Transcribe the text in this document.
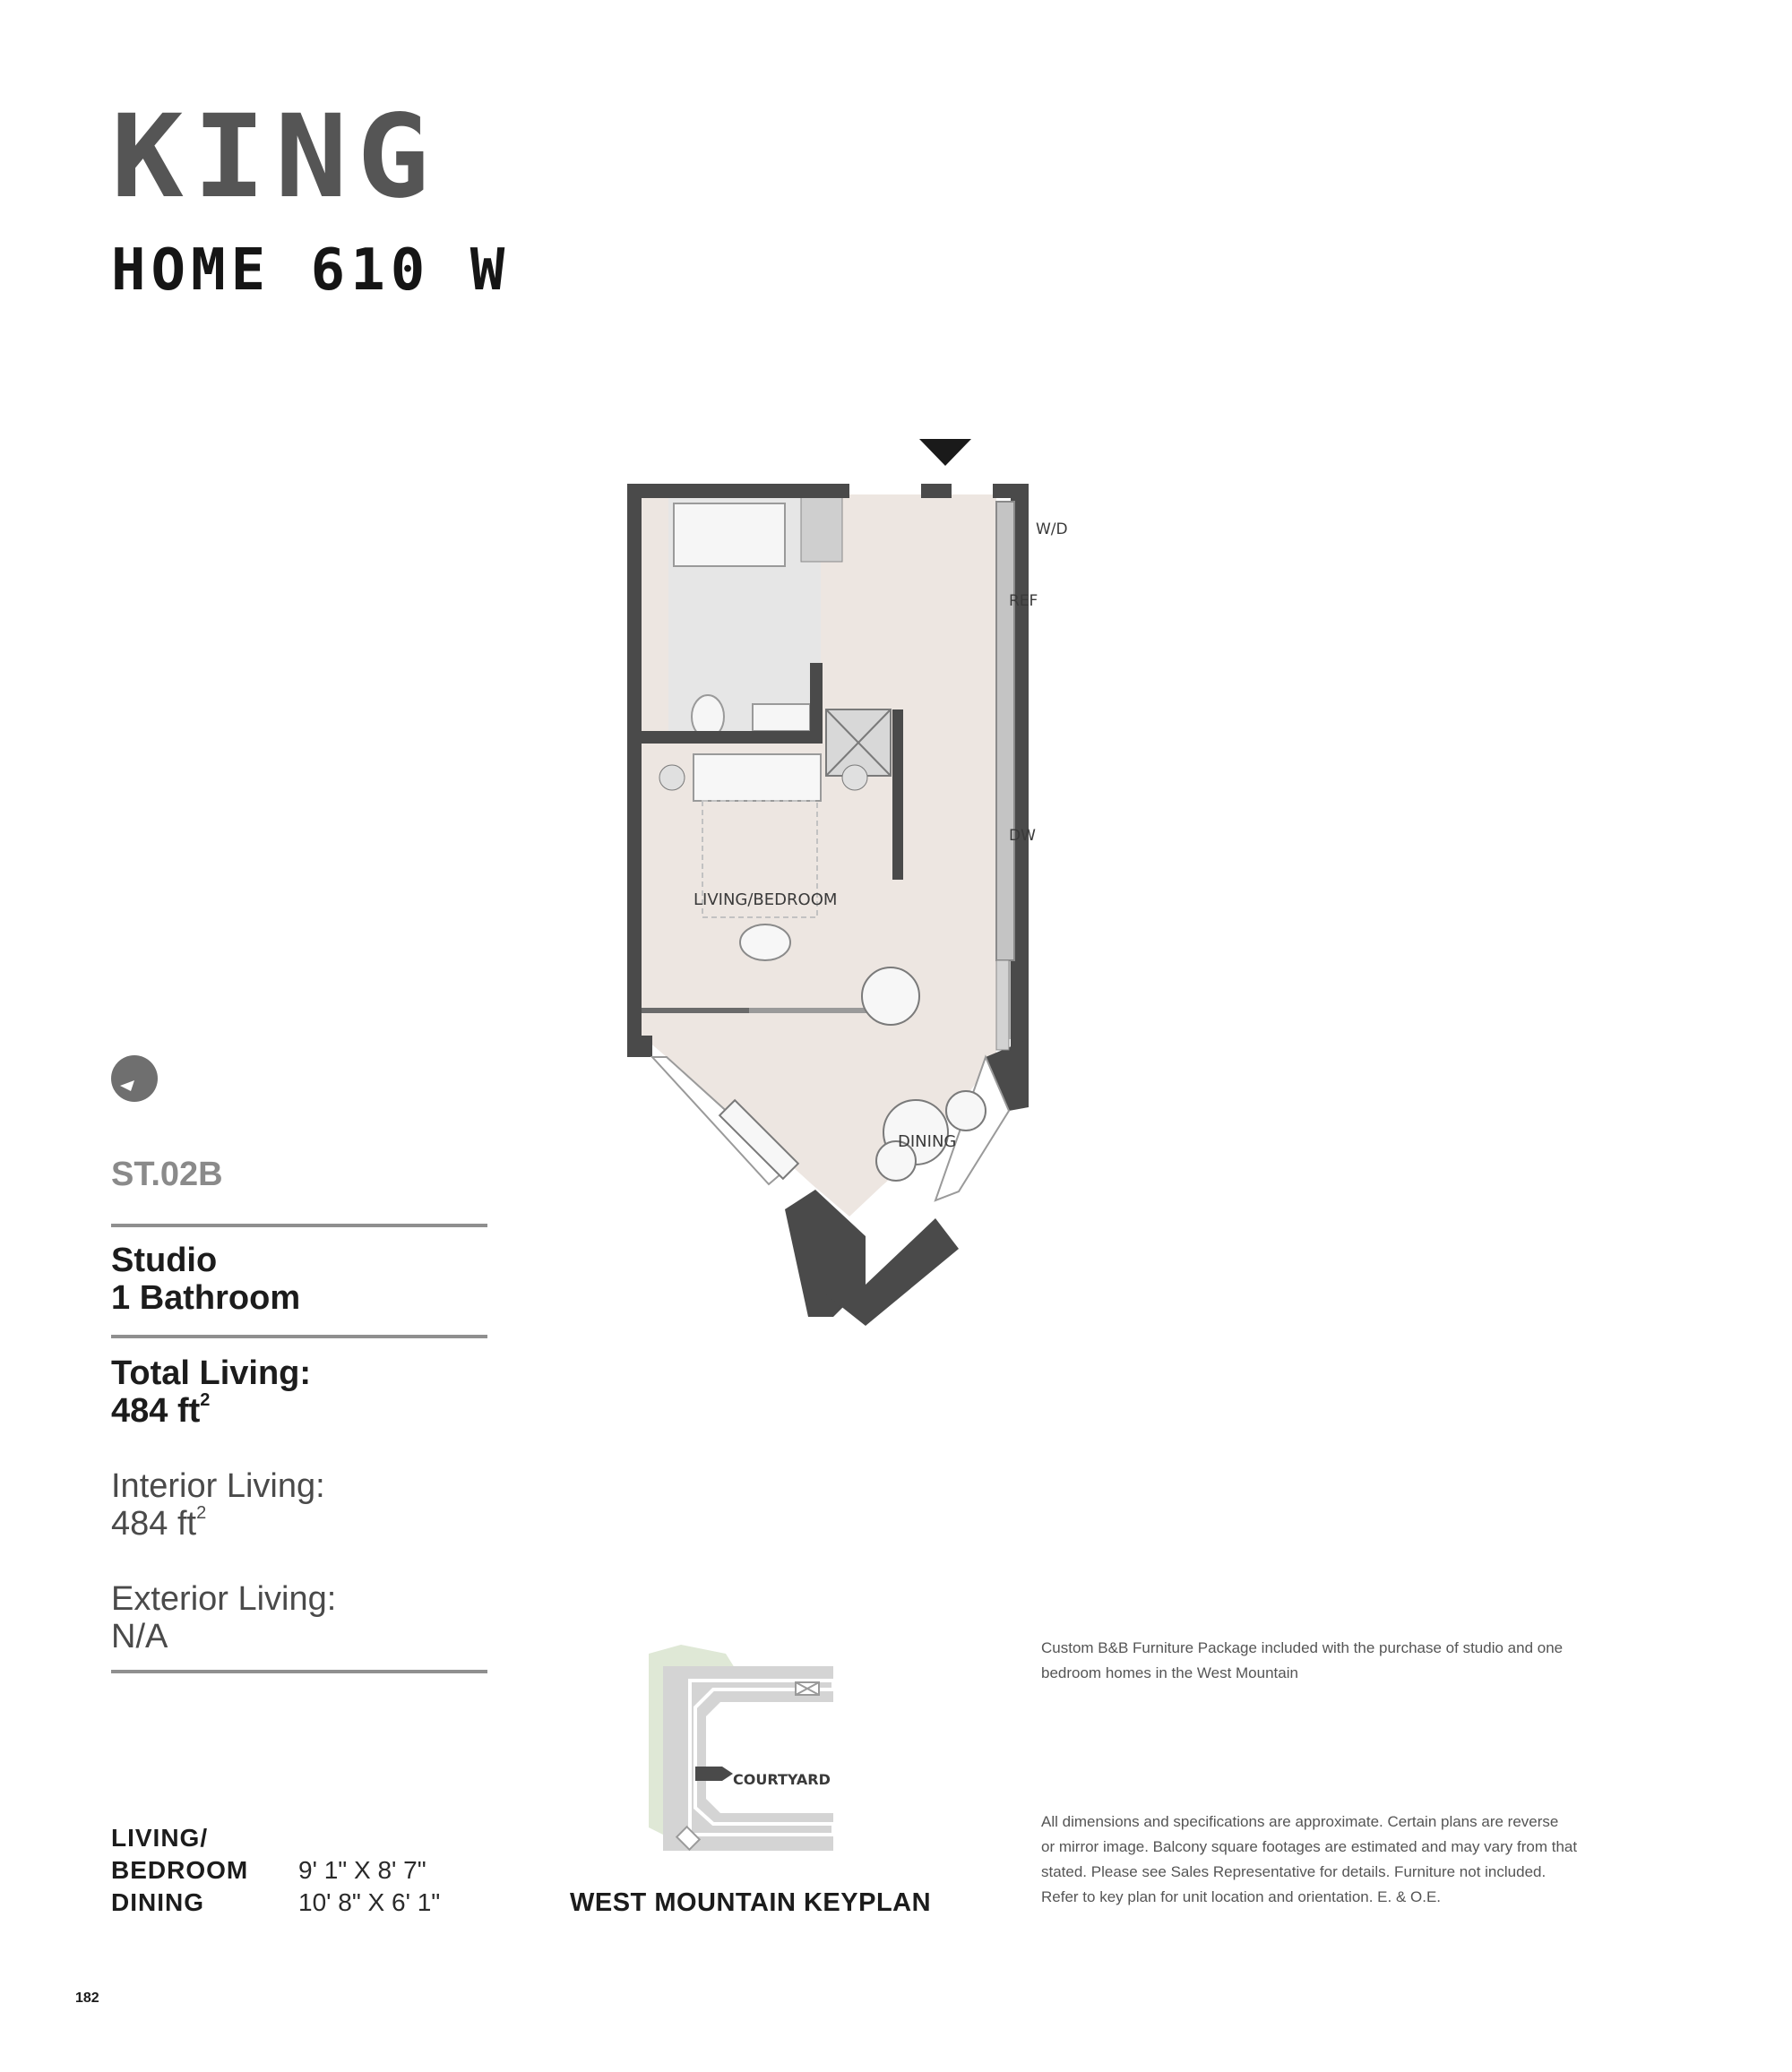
KING
HOME 610 W
W/D
REF
DW
LIVING/BEDROOM
DINING
ST.02B
Studio
1 Bathroom
Total Living:
484 $ft^2$
Interior Living:
484 $ft^2$
Exterior Living:
N/A
LIVING/
BEDROOM 9' 1" X 8' 7"
DINING	10' 8" X 6' 1"
COURTYARD
WEST MOUNTAIN KEYPLAN
Custom B&B Furniture Package included with the purchase of studio and one
bedroom homes in the West Mountain
All dimensions and specifications are approximate. Certain plans are reverse
or mirror image. Balcony square footages are estimated and may vary from that
stated. Please see Sales Representative for details. Furniture not included.
Refer to key plan for unit location and orientation. E. & O.E.
182
